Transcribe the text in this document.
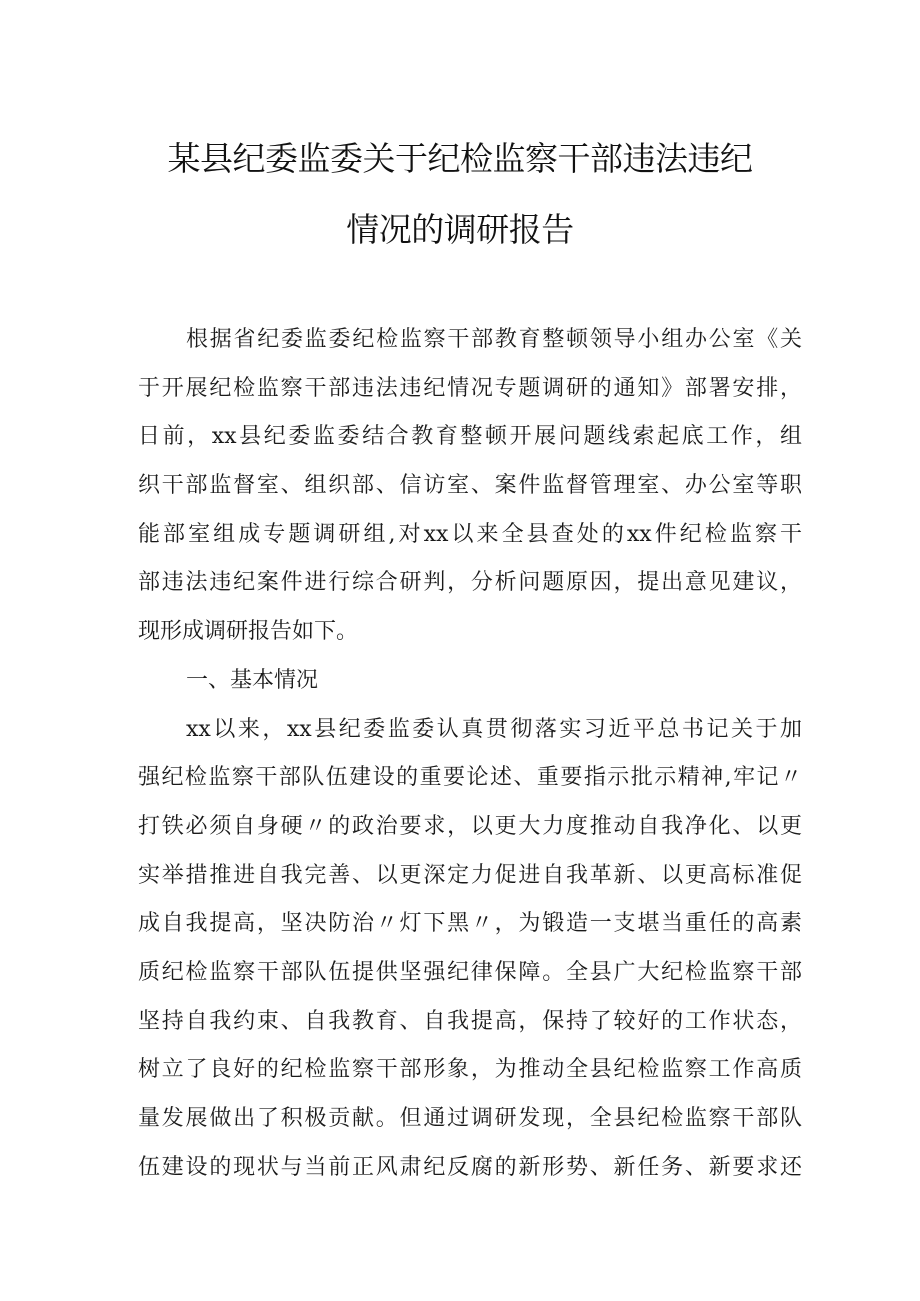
某县纪委监委关于纪检监察干部违法违纪
情况的调研报告
根据省纪委监委纪检监察干部教育整顿领导小组办公室《关
于开展纪检监察干部违法违纪情况专题调研的通知》部署安排，
日前，xx县纪委监委结合教育整顿开展问题线索起底工作，组
织干部监督室、组织部、信访室、案件监督管理室、办公室等职
能部室组成专题调研组,对xx以来全县查处的xx件纪检监察干
部违法违纪案件进行综合研判，分析问题原因，提出意见建议，
现形成调研报告如下。
一、基本情况
xx以来，xx县纪委监委认真贯彻落实习近平总书记关于加
强纪检监察干部队伍建设的重要论述、重要指示批示精神,牢记〃
打铁必须自身硬〃的政治要求，以更大力度推动自我净化、以更
实举措推进自我完善、以更深定力促进自我革新、以更高标准促
成自我提高，坚决防治〃灯下黑〃，为锻造一支堪当重任的高素
质纪检监察干部队伍提供坚强纪律保障。全县广大纪检监察干部
坚持自我约束、自我教育、自我提高，保持了较好的工作状态，
树立了良好的纪检监察干部形象，为推动全县纪检监察工作高质
量发展做出了积极贡献。但通过调研发现，全县纪检监察干部队
伍建设的现状与当前正风肃纪反腐的新形势、新任务、新要求还
